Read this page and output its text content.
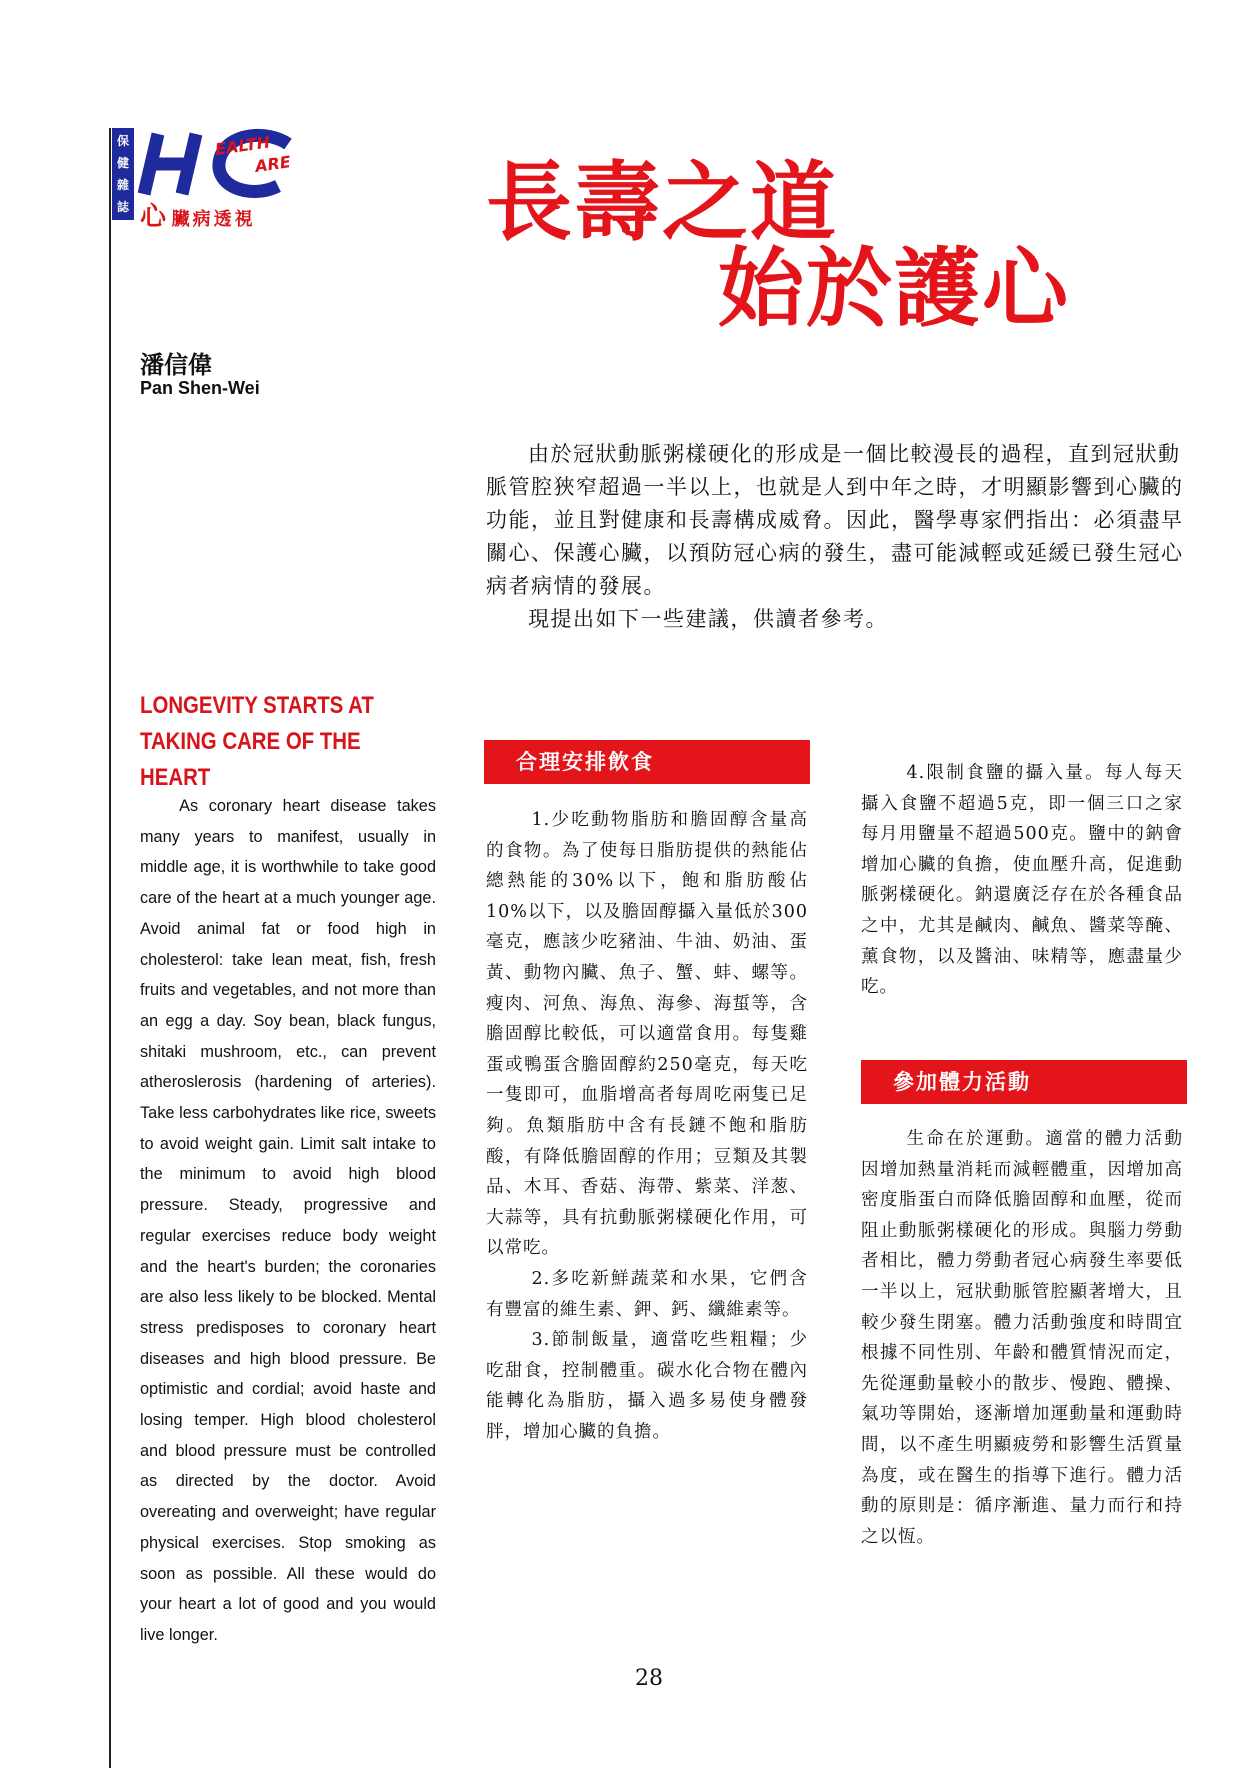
保
健
雜
誌
EALTH
ARE
心 臟病透視	長壽之道
始於護心
潘信偉
Pan Shen-Wei

由於冠狀動脈粥樣硬化的形成是一個比較漫長的過程，直到冠狀動脈管腔狹窄超過一半以上，也就是人到中年之時，才明顯影響到心臟的功能，並且對健康和長壽構成威脅。因此，醫學專家們指出：必須盡早關心、保護心臟，以預防冠心病的發生，盡可能減輕或延緩已發生冠心病者病情的發展。

現提出如下一些建議，供讀者參考。

LONGEVITY STARTS AT TAKING CARE OF THE HEART

As coronary heart disease takes many years to manifest, usually in middle age, it is worthwhile to take good care of the heart at a much younger age. Avoid animal fat or food high in cholesterol: take lean meat, fish, fresh fruits and vegetables, and not more than an egg a day. Soy bean, black fungus, shitaki mushroom, etc., can prevent atheroslerosis (hardening of arteries). Take less carbohydrates like rice, sweets to avoid weight gain. Limit salt intake to the minimum to avoid high blood pressure. Steady, progressive and regular exercises reduce body weight and the heart's burden; the coronaries are also less likely to be blocked. Mental stress predisposes to coronary heart diseases and high blood pressure. Be optimistic and cordial; avoid haste and losing temper. High blood cholesterol and blood pressure must be controlled as directed by the doctor. Avoid overeating and overweight; have regular physical exercises. Stop smoking as soon as possible. All these would do your heart a lot of good and you would live longer.

合理安排飲食

1.少吃動物脂肪和膽固醇含量高的食物。為了使每日脂肪提供的熱能佔總熱能的30%以下，飽和脂肪酸佔10%以下，以及膽固醇攝入量低於300毫克，應該少吃豬油、牛油、奶油、蛋黃、動物內臟、魚子、蟹、蚌、螺等。瘦肉、河魚、海魚、海參、海蜇等，含膽固醇比較低，可以適當食用。每隻雞蛋或鴨蛋含膽固醇約250毫克，每天吃一隻即可，血脂增高者每周吃兩隻已足夠。魚類脂肪中含有長鏈不飽和脂肪酸，有降低膽固醇的作用；豆類及其製品、木耳、香菇、海帶、紫菜、洋葱、大蒜等，具有抗動脈粥樣硬化作用，可以常吃。

2.多吃新鮮蔬菜和水果，它們含有豐富的維生素、鉀、鈣、纖維素等。

3.節制飯量，適當吃些粗糧；少吃甜食，控制體重。碳水化合物在體內能轉化為脂肪，攝入過多易使身體發胖，增加心臟的負擔。

4.限制食鹽的攝入量。每人每天攝入食鹽不超過5克，即一個三口之家每月用鹽量不超過500克。鹽中的鈉會增加心臟的負擔，使血壓升高，促進動脈粥樣硬化。鈉還廣泛存在於各種食品之中，尤其是鹹肉、鹹魚、醬菜等醃、薰食物，以及醬油、味精等，應盡量少吃。

參加體力活動

生命在於運動。適當的體力活動因增加熱量消耗而減輕體重，因增加高密度脂蛋白而降低膽固醇和血壓，從而阻止動脈粥樣硬化的形成。與腦力勞動者相比，體力勞動者冠心病發生率要低一半以上，冠狀動脈管腔顯著增大，且較少發生閉塞。體力活動強度和時間宜根據不同性別、年齡和體質情況而定，先從運動量較小的散步、慢跑、體操、氣功等開始，逐漸增加運動量和運動時間，以不產生明顯疲勞和影響生活質量為度，或在醫生的指導下進行。體力活動的原則是：循序漸進、量力而行和持之以恆。

28
